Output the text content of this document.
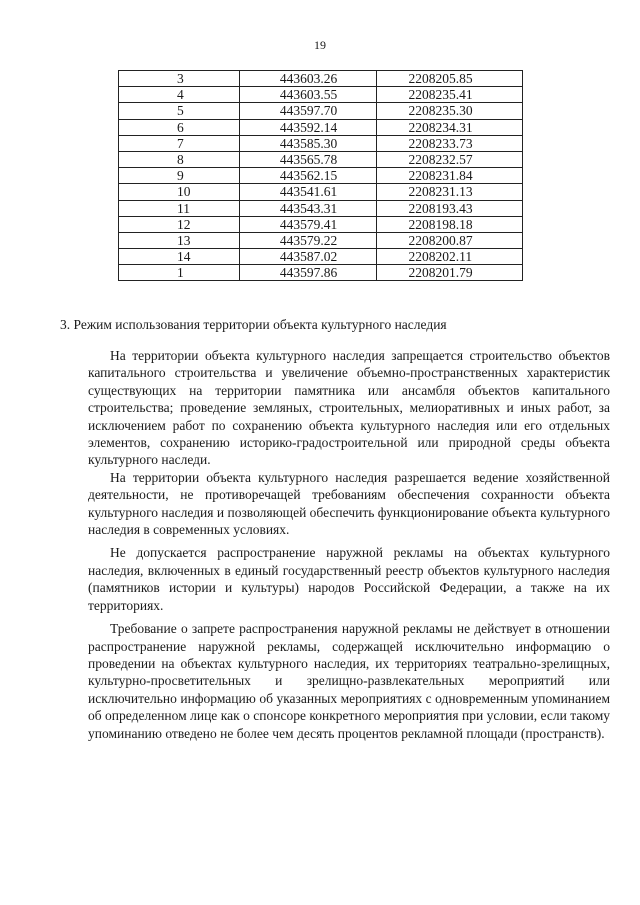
19
3	443603.26	2208205.85
4	443603.55	2208235.41
5	443597.70	2208235.30
6	443592.14	2208234.31
7	443585.30	2208233.73
8	443565.78	2208232.57
9	443562.15	2208231.84
10	443541.61	2208231.13
11	443543.31	2208193.43
12	443579.41	2208198.18
13	443579.22	2208200.87
14	443587.02	2208202.11
1	443597.86	2208201.79
3. Режим использования территории объекта культурного наследия

На территории объекта культурного наследия запрещается строительство объектов капитального строительства и увеличение объемно-пространственных характеристик существующих на территории памятника или ансамбля объектов капитального строительства; проведение земляных, строительных, мелиоративных и иных работ, за исключением работ по сохранению объекта культурного наследия или его отдельных элементов, сохранению историко-градостроительной или природной среды объекта культурного наследи.

На территории объекта культурного наследия разрешается ведение хозяйственной деятельности, не противоречащей требованиям обеспечения сохранности объекта культурного наследия и позволяющей обеспечить функционирование объекта культурного наследия в современных условиях.

Не допускается распространение наружной рекламы на объектах культурного наследия, включенных в единый государственный реестр объектов культурного наследия (памятников истории и культуры) народов Российской Федерации, а также на их территориях.

Требование о запрете распространения наружной рекламы не действует в отношении распространение наружной рекламы, содержащей исключительно информацию о проведении на объектах культурного наследия, их территориях театрально-зрелищных, культурно-просветительных и зрелищно-развлекательных мероприятий или исключительно информацию об указанных мероприятиях с одновременным упоминанием об определенном лице как о спонсоре конкретного мероприятия при условии, если такому упоминанию отведено не более чем десять процентов рекламной площади (пространств).
